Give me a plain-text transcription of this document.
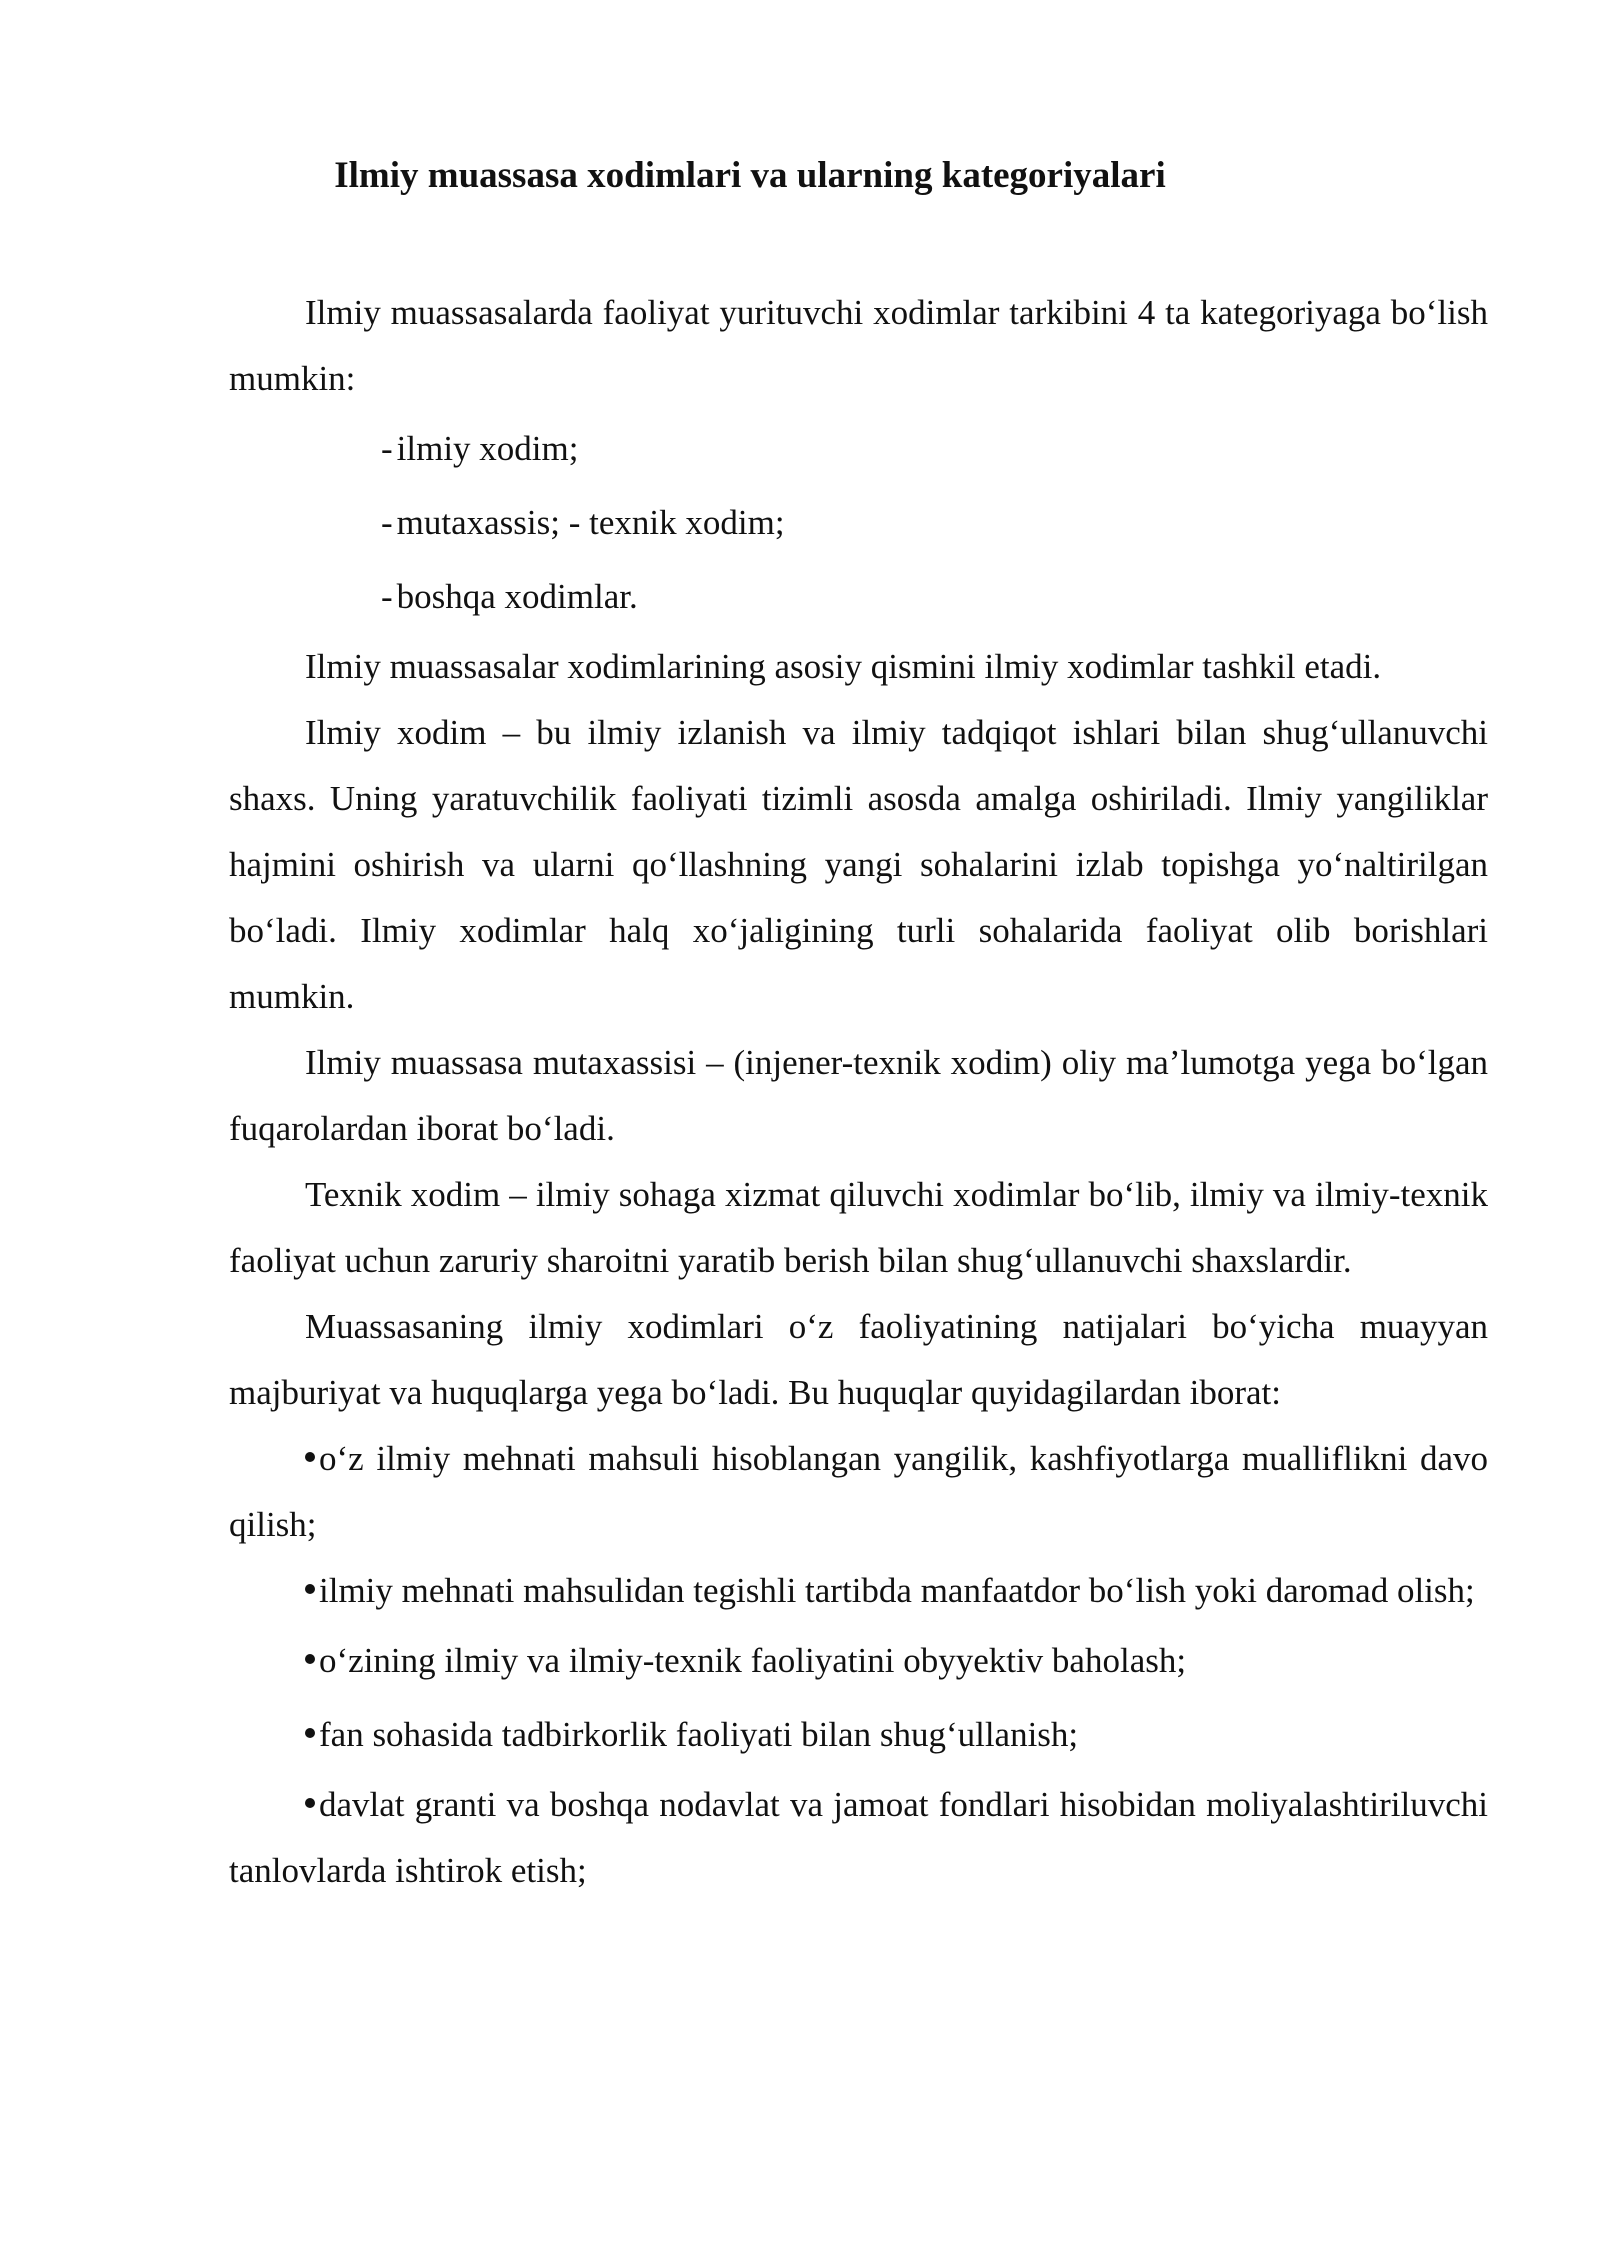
Ilmiy muassasa xodimlari va ularning kategoriyalari

Ilmiy muassasalarda faoliyat yurituvchi xodimlar tarkibini 4 ta kategoriyaga bo‘lish mumkin:

- ilmiy xodim;

- mutaxassis; - texnik xodim;

- boshqa xodimlar.

Ilmiy muassasalar xodimlarining asosiy qismini ilmiy xodimlar tashkil etadi.

Ilmiy xodim – bu ilmiy izlanish va ilmiy tadqiqot ishlari bilan shug‘ullanuvchi shaxs. Uning yaratuvchilik faoliyati tizimli asosda amalga oshiriladi. Ilmiy yangiliklar hajmini oshirish va ularni qo‘llashning yangi sohalarini izlab topishga yo‘naltirilgan bo‘ladi. Ilmiy xodimlar halq xo‘jaligining turli sohalarida faoliyat olib borishlari mumkin.

Ilmiy muassasa mutaxassisi – (injener-texnik xodim) oliy ma’lumotga yega bo‘lgan fuqarolardan iborat bo‘ladi.

Texnik xodim – ilmiy sohaga xizmat qiluvchi xodimlar bo‘lib, ilmiy va ilmiy-texnik faoliyat uchun zaruriy sharoitni yaratib berish bilan shug‘ullanuvchi shaxslardir.

Muassasaning ilmiy xodimlari o‘z faoliyatining natijalari bo‘yicha muayyan majburiyat va huquqlarga yega bo‘ladi. Bu huquqlar quyidagilardan iborat:

o‘z ilmiy mehnati mahsuli hisoblangan yangilik, kashfiyotlarga mualliflikni davo qilish;

ilmiy mehnati mahsulidan tegishli tartibda manfaatdor bo‘lish yoki daromad olish;

o‘zining ilmiy va ilmiy-texnik faoliyatini obyyektiv baholash;

fan sohasida tadbirkorlik faoliyati bilan shug‘ullanish;

davlat granti va boshqa nodavlat va jamoat fondlari hisobidan moliyalashtiriluvchi tanlovlarda ishtirok etish;
